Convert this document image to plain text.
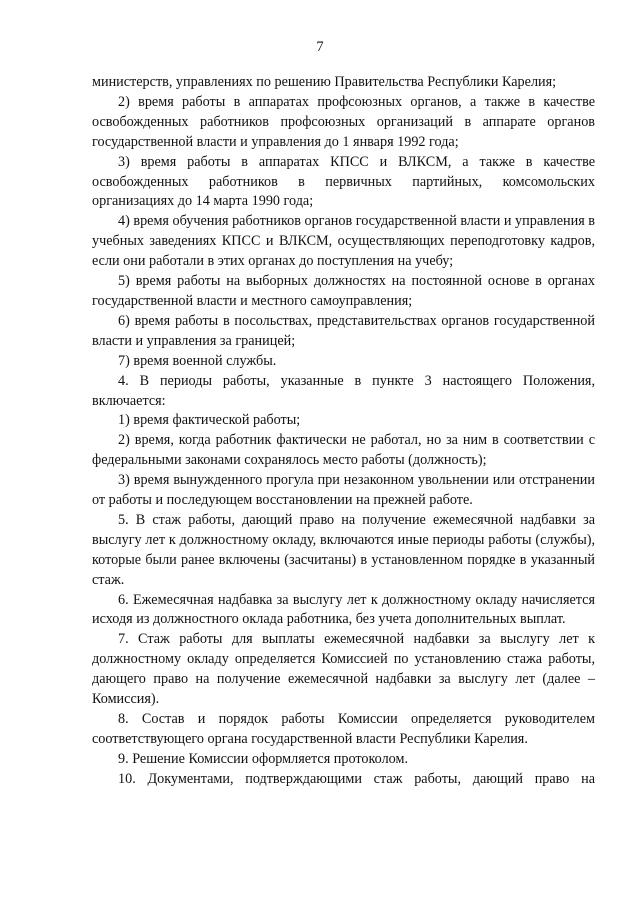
7

министерств, управлениях по решению Правительства Республики Карелия;

2) время работы в аппаратах профсоюзных органов, а также в качестве освобожденных работников профсоюзных организаций в аппарате органов государственной власти и управления до 1 января 1992 года;

3) время работы в аппаратах КПСС и ВЛКСМ, а также в качестве освобожденных работников в первичных партийных, комсомольских организациях до 14 марта 1990 года;

4) время обучения работников органов государственной власти и управления в учебных заведениях КПСС и ВЛКСМ, осуществляющих переподготовку кадров, если они работали в этих органах до поступления на учебу;

5) время работы на выборных должностях на постоянной основе в органах государственной власти и местного самоуправления;

6) время работы в посольствах, представительствах органов государственной власти и управления за границей;

7) время военной службы.

4. В периоды работы, указанные в пункте 3 настоящего Положения, включается:

1) время фактической работы;

2) время, когда работник фактически не работал, но за ним в соответствии с федеральными законами сохранялось место работы (должность);

3) время вынужденного прогула при незаконном увольнении или отстранении от работы и последующем восстановлении на прежней работе.

5. В стаж работы, дающий право на получение ежемесячной надбавки за выслугу лет к должностному окладу, включаются иные периоды работы (службы), которые были ранее включены (засчитаны) в установленном порядке в указанный стаж.

6. Ежемесячная надбавка за выслугу лет к должностному окладу начисляется исходя из должностного оклада работника, без учета дополнительных выплат.

7. Стаж работы для выплаты ежемесячной надбавки за выслугу лет к должностному окладу определяется Комиссией по установлению стажа работы, дающего право на получение ежемесячной надбавки за выслугу лет (далее – Комиссия).

8. Состав и порядок работы Комиссии определяется руководителем соответствующего органа государственной власти Республики Карелия.

9. Решение Комиссии оформляется протоколом.

10. Документами, подтверждающими стаж работы, дающий право на
